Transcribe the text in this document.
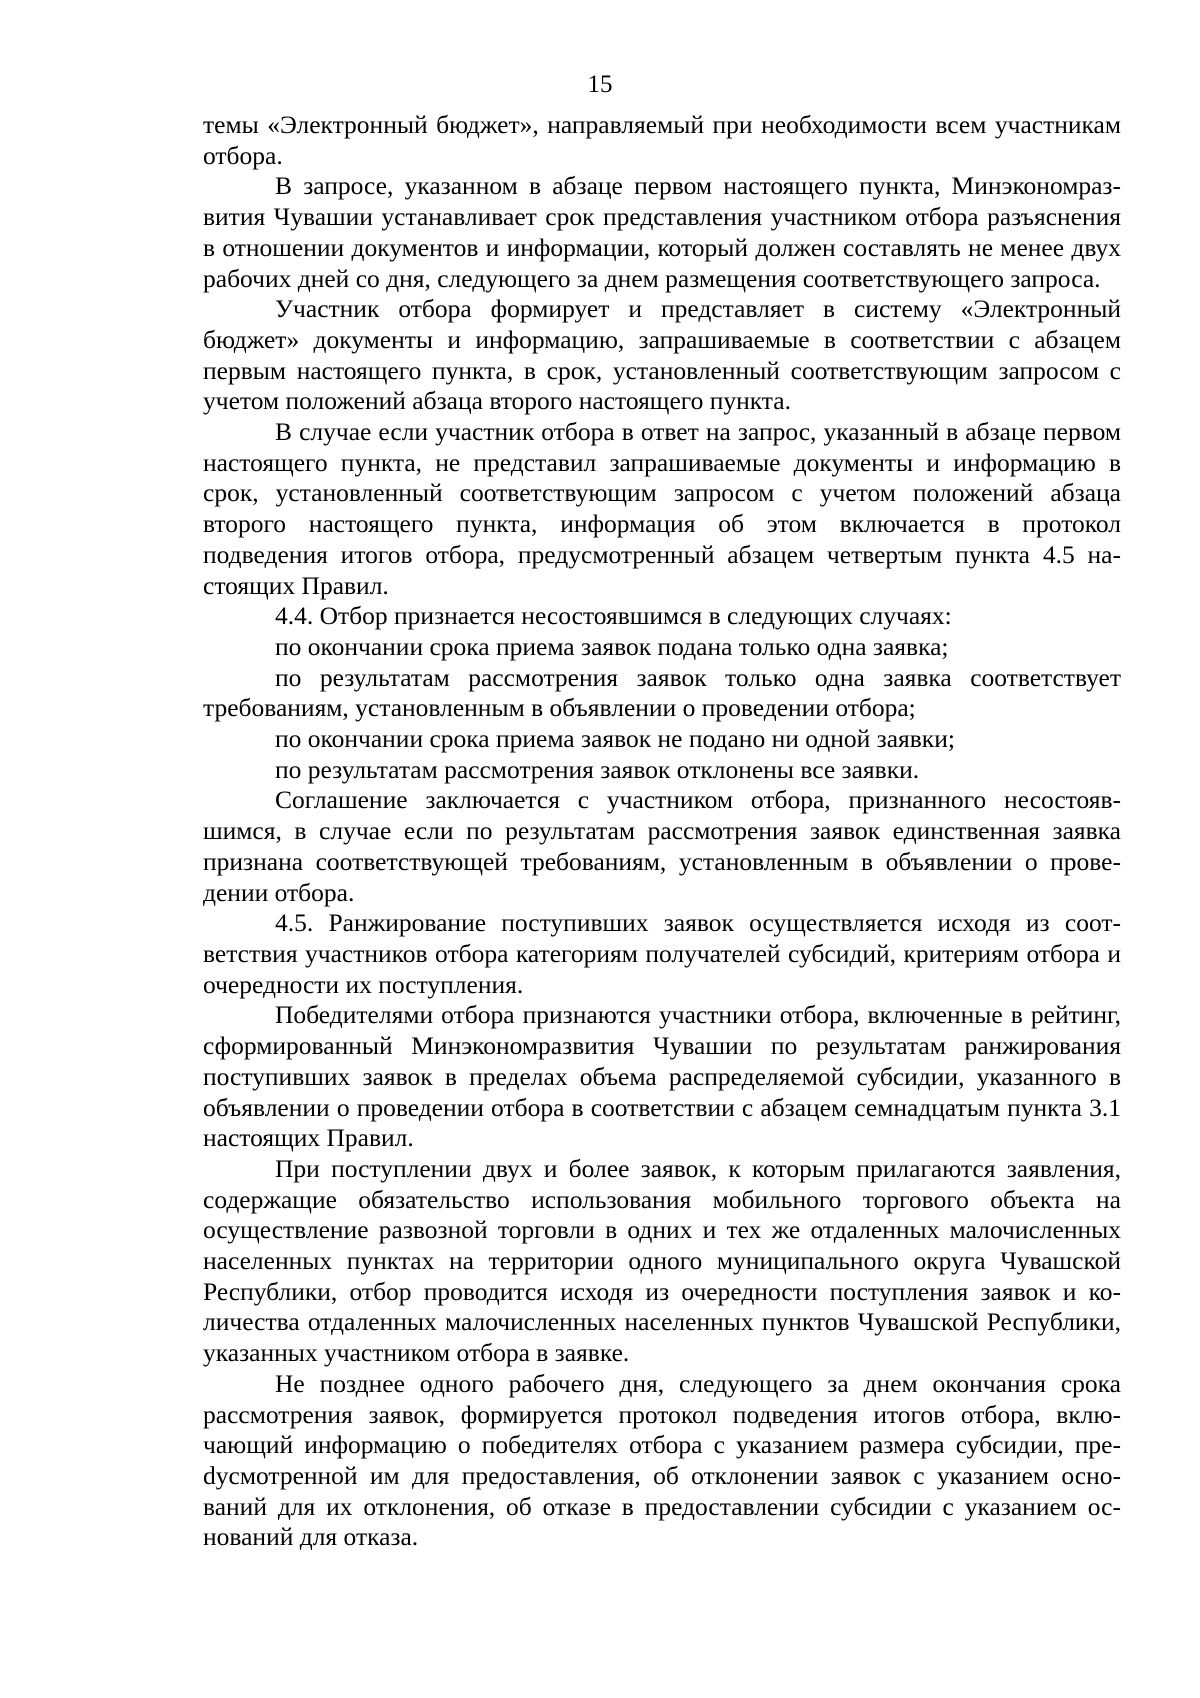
15

темы «Электронный бюджет», направляемый при необходимости всем участникам отбора.

В запросе, указанном в абзаце первом настоящего пункта, Минэкономразвития Чувашии устанавливает срок представления участником отбора разъяснения в отношении документов и информации, который должен составлять не менее двух рабочих дней со дня, следующего за днем размещения соответствующего запроса.

Участник отбора формирует и представляет в систему «Электронный бюджет» документы и информацию, запрашиваемые в соответствии с абзацем первым настоящего пункта, в срок, установленный соответствующим запросом с учетом положений абзаца второго настоящего пункта.

В случае если участник отбора в ответ на запрос, указанный в абзаце первом настоящего пункта, не представил запрашиваемые документы и информацию в срок, установленный соответствующим запросом с учетом положений абзаца второго настоящего пункта, информация об этом включается в протокол подведения итогов отбора, предусмотренный абзацем четвертым пункта 4.5 настоящих Правил.

4.4. Отбор признается несостоявшимся в следующих случаях:

по окончании срока приема заявок подана только одна заявка;

по результатам рассмотрения заявок только одна заявка соответствует требованиям, установленным в объявлении о проведении отбора;

по окончании срока приема заявок не подано ни одной заявки;

по результатам рассмотрения заявок отклонены все заявки.

Соглашение заключается с участником отбора, признанного несостоявшимся, в случае если по результатам рассмотрения заявок единственная заявка признана соответствующей требованиям, установленным в объявлении о проведении отбора.

4.5. Ранжирование поступивших заявок осуществляется исходя из соответствия участников отбора категориям получателей субсидий, критериям отбора и очередности их поступления.

Победителями отбора признаются участники отбора, включенные в рейтинг, сформированный Минэкономразвития Чувашии по результатам ранжирования поступивших заявок в пределах объема распределяемой субсидии, указанного в объявлении о проведении отбора в соответствии с абзацем семнадцатым пункта 3.1 настоящих Правил.

При поступлении двух и более заявок, к которым прилагаются заявления, содержащие обязательство использования мобильного торгового объекта на осуществление развозной торговли в одних и тех же отдаленных малочисленных населенных пунктах на территории одного муниципального округа Чувашской Республики, отбор проводится исходя из очередности поступления заявок и количества отдаленных малочисленных населенных пунктов Чувашской Республики, указанных участником отбора в заявке.

Не позднее одного рабочего дня, следующего за днем окончания срока рассмотрения заявок, формируется протокол подведения итогов отбора, включающий информацию о победителях отбора с указанием размера субсидии, преdусмотренной им для предоставления, об отклонении заявок с указанием оснований для их отклонения, об отказе в предоставлении субсидии с указанием оснований для отказа.
